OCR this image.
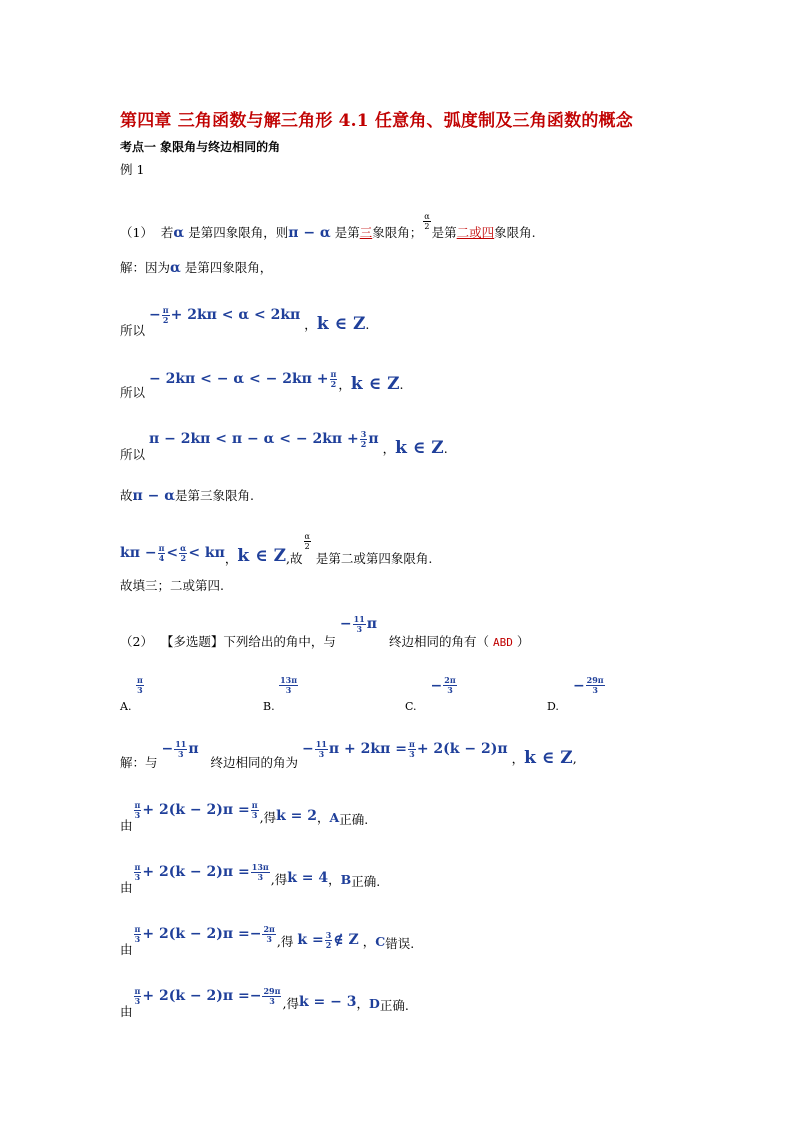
第四章 三角函数与解三角形 4.1 任意角、弧度制及三角函数的概念
考点一 象限角与终边相同的角
例 1
（1） 若α 是第四象限角，则π − α 是第三象限角；
$\frac{\alpha}{2}$
是第二或四象限角.
解：因为α 是第四象限角，
所以 − $\frac{\pi}{2} + 2k\pi < \alpha < 2k\pi$ ，k ∈ Z.
所以 − 2kπ < − α < − $2k\pi + \frac{\pi}{2}$ ，k ∈ Z.
所以 π − 2kπ < π − α < − $2k\pi + \frac{3}{2}$ π ，k ∈ Z.
故π − α是第三象限角.
$k\pi - \frac{\pi}{4} < \frac{\alpha}{2} < k\pi$，k ∈ Z,故
$\frac{\alpha}{2}$
是第二或第四象限角.
故填三；二或第四.
（2） 【多选题】下列给出的角中，与 − $\frac{11}{3}$ π   终边相同的角有（ ABD ）
A.
$\frac{\pi}{3}$
B.
$\frac{13\pi}{3}$
C.    − $\frac{2\pi}{3}$
D.    − $\frac{29\pi}{3}$
解：与 − $\frac{11}{3}$ π   终边相同的角为 − $\frac{11}{3}$ $\pi + 2k\pi = \frac{\pi}{3} + 2(k - 2)\pi$ ，k ∈ Z,
由
$\frac{\pi}{3} + 2(k - 2)\pi = \frac{\pi}{3}$ ,得k = 2，A正确.
由
$\frac{\pi}{3} + 2(k - 2)\pi = \frac{13\pi}{3}$ ,得k = 4，B正确.
由
$\frac{\pi}{3} + 2(k - 2)\pi =- \frac{2\pi}{3}$ ,得 $k = \frac{3}{2}$ ∉ Z ，C错误.
由
$\frac{\pi}{3} + 2(k - 2)\pi =- \frac{29\pi}{3}$ ,得k = − 3，D正确.
